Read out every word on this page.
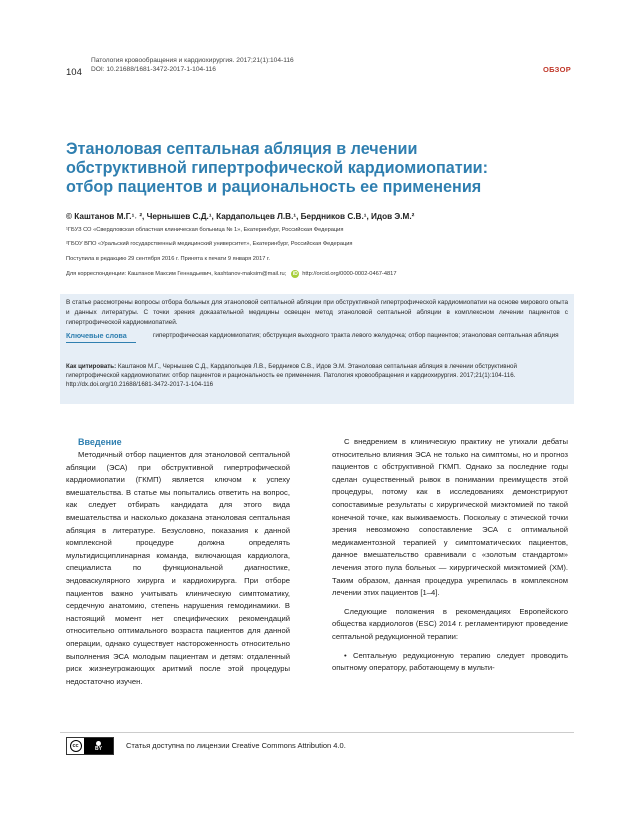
104
Патология кровообращения и кардиохирургия. 2017;21(1):104-116
DOI: 10.21688/1681-3472-2017-1-104-116	ОБЗОР
Этаноловая септальная абляция в лечении
обструктивной гипертрофической кардиомиопатии:
отбор пациентов и рациональность ее применения
© Каштанов М.Г.¹˒ ², Чернышев С.Д.¹, Кардапольцев Л.В.¹, Бердников С.В.¹, Идов Э.М.²
¹ГБУЗ СО «Свердловская областная клиническая больница № 1», Екатеринбург, Российская Федерация
²ГБОУ ВПО «Уральский государственный медицинский университет», Екатеринбург, Российская Федерация
Поступила в редакцию 29 сентября 2016 г. Принята к печати 9 января 2017 г.
Для корреспонденции: Каштанов Максим Геннадьевич, kashtanov-maksim@mail.ru;	iD http://orcid.org/0000-0002-0467-4817
В статье рассмотрены вопросы отбора больных для этаноловой септальной абляции при обструктивной гипертрофической кардиомиопатии на основе мирового опыта и данных литературы. С точки зрения доказательной медицины освещен метод этаноловой септальной абляции в комплексном лечении пациентов с гипертрофической кардиомиопатией.
Ключевые слова	гипертрофическая кардиомиопатия; обструкция выходного тракта левого желудочка; отбор пациентов; этаноловая септальная абляция
Как цитировать: Каштанов М.Г., Чернышев С.Д., Кардапольцев Л.В., Бердников С.В., Идов Э.М. Этаноловая септальная абляция в лечении обструктивной гипертрофической кардиомиопатии: отбор пациентов и рациональность ее применения. Патология кровообращения и кардиохирургия. 2017;21(1):104-116. http://dx.doi.org/10.21688/1681-3472-2017-1-104-116

Введение

Методичный отбор пациентов для этаноловой септальной абляции (ЭСА) при обструктивной гипертрофической кардиомиопатии (ГКМП) является ключом к успеху вмешательства. В статье мы попытались ответить на вопрос, как следует отбирать кандидата для этого вида вмешательства и насколько доказана этаноловая септальная абляция в литературе. Безусловно, показания к данной комплексной процедуре должна определять мультидисциплинарная команда, включающая кардиолога, специалиста по функциональной диагностике, эндоваскулярного хирурга и кардиохирурга. При отборе пациентов важно учитывать клиническую симптоматику, сердечную анатомию, степень нарушения гемодинамики. В настоящий момент нет специфических рекомендаций относительно оптимального возраста пациентов для данной операции, однако существует настороженность относительно выполнения ЭСА молодым пациентам и детям: отдаленный риск жизнеугрожающих аритмий после этой процедуры недостаточно изучен.

С внедрением в клиническую практику не утихали дебаты относительно влияния ЭСА не только на симптомы, но и прогноз пациентов с обструктивной ГКМП. Однако за последние годы сделан существенный рывок в понимании преимуществ этой процедуры, потому как в исследованиях демонстрируют сопоставимые результаты с хирургической миэктомией по такой конечной точке, как выживаемость. Поскольку с этической точки зрения невозможно сопоставление ЭСА с оптимальной медикаментозной терапией у симптоматических пациентов, данное вмешательство сравнивали с «золотым стандартом» лечения этого пула больных — хирургической миэктомией (ХМ). Таким образом, данная процедура укрепилась в комплексном лечении этих пациентов [1–4].

Следующие положения в рекомендациях Европейского общества кардиологов (ESC) 2014 г. регламентируют проведение септальной редукционной терапии:

• Септальную редукционную терапию следует проводить опытному оператору, работающему в мульти-

cc	BY	Статья доступна по лицензии Creative Commons Attribution 4.0.
